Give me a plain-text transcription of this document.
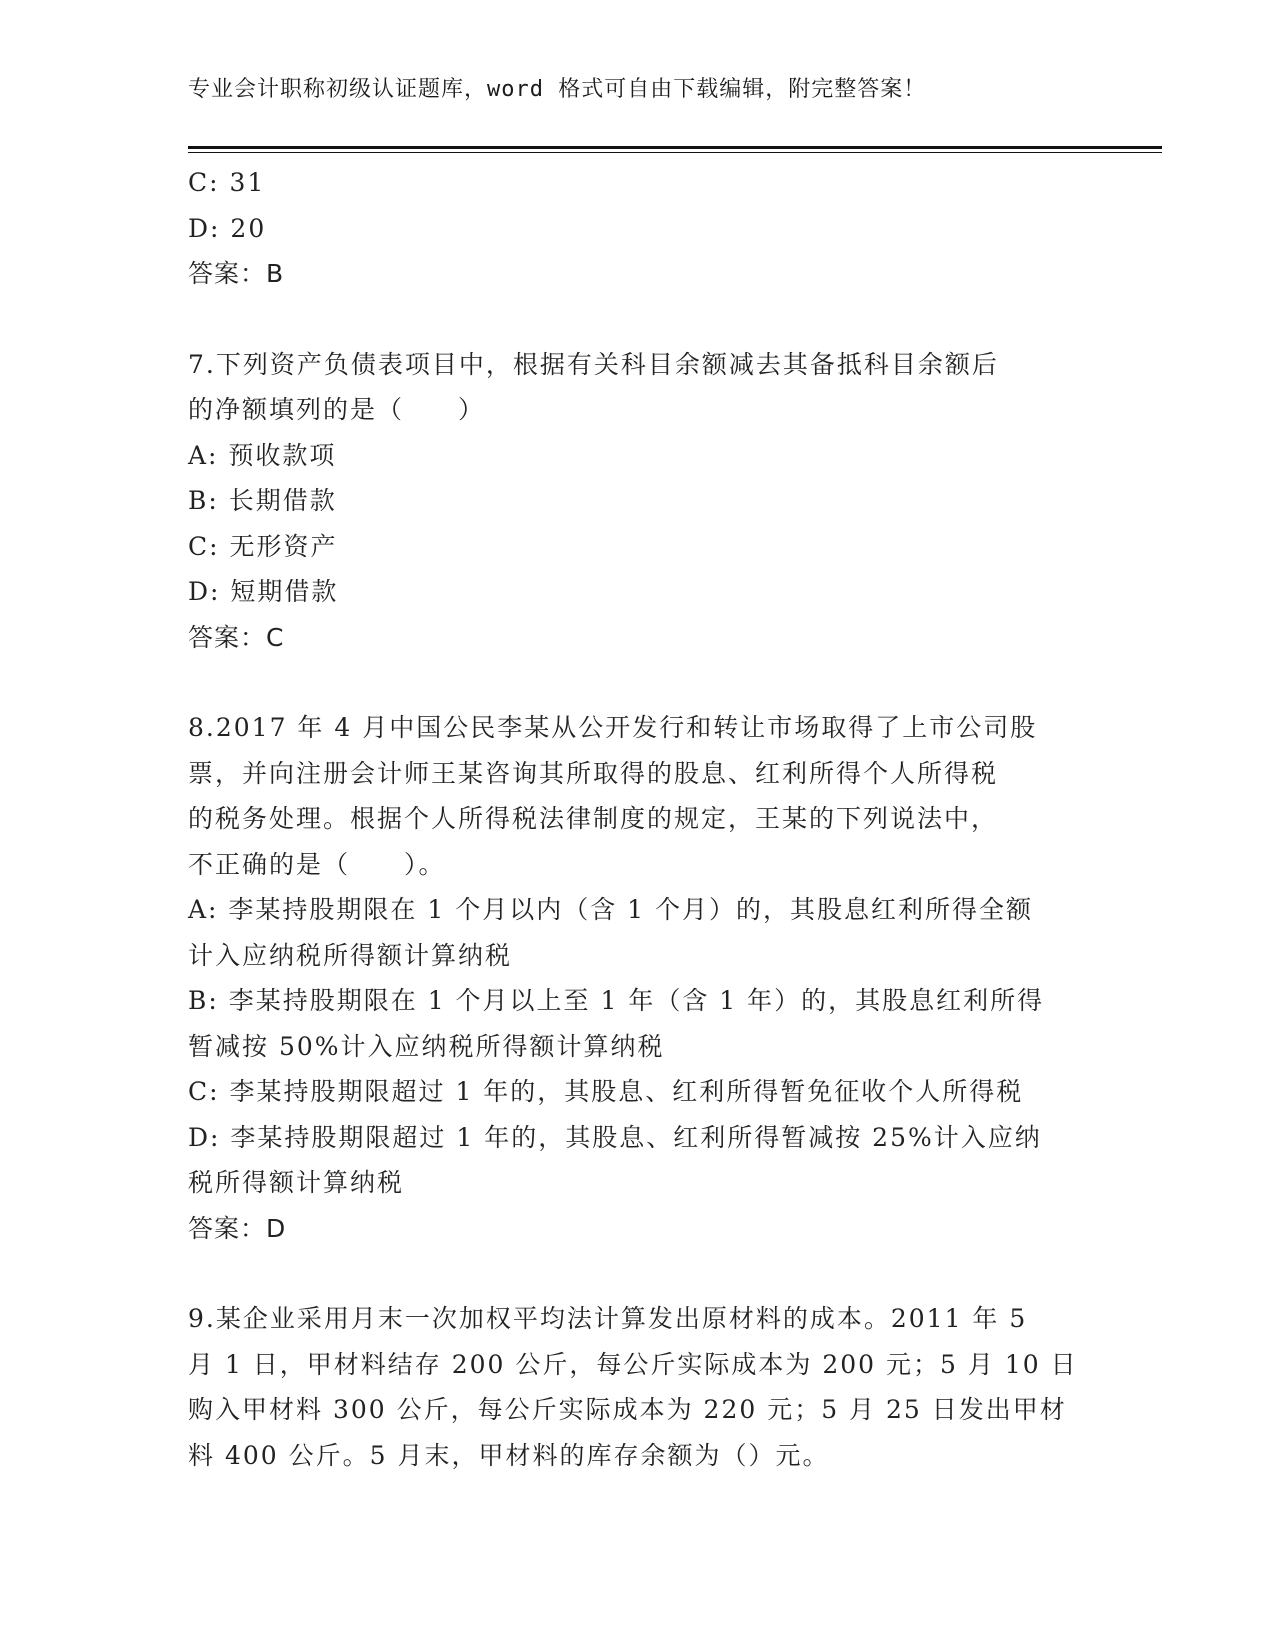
专业会计职称初级认证题库，word 格式可自由下载编辑，附完整答案！
C: 31
D: 20
答案：B
7.下列资产负债表项目中，根据有关科目余额减去其备抵科目余额后
的净额填列的是（　　）
A: 预收款项
B: 长期借款
C: 无形资产
D: 短期借款
答案：C
8.2017 年 4 月中国公民李某从公开发行和转让市场取得了上市公司股
票，并向注册会计师王某咨询其所取得的股息、红利所得个人所得税
的税务处理。根据个人所得税法律制度的规定，王某的下列说法中，
不正确的是（　　）。
A: 李某持股期限在 1 个月以内（含 1 个月）的，其股息红利所得全额
计入应纳税所得额计算纳税
B: 李某持股期限在 1 个月以上至 1 年（含 1 年）的，其股息红利所得
暂减按 50%计入应纳税所得额计算纳税
C: 李某持股期限超过 1 年的，其股息、红利所得暂免征收个人所得税
D: 李某持股期限超过 1 年的，其股息、红利所得暂减按 25%计入应纳
税所得额计算纳税
答案：D
9.某企业采用月末一次加权平均法计算发出原材料的成本。2011 年 5
月 1 日，甲材料结存 200 公斤，每公斤实际成本为 200 元；5 月 10 日
购入甲材料 300 公斤，每公斤实际成本为 220 元；5 月 25 日发出甲材
料 400 公斤。5 月末，甲材料的库存余额为（）元。
